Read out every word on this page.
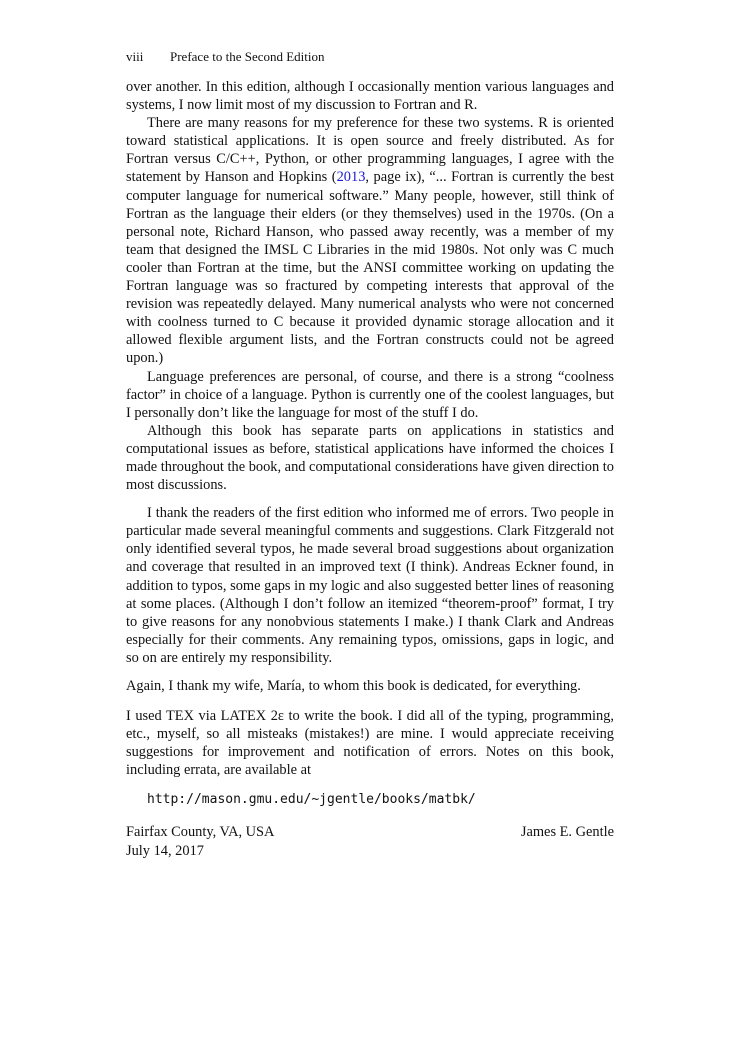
viii Preface to the Second Edition

over another. In this edition, although I occasionally mention various languages and systems, I now limit most of my discussion to Fortran and R.

There are many reasons for my preference for these two systems. R is oriented toward statistical applications. It is open source and freely distributed. As for Fortran versus C/C++, Python, or other programming languages, I agree with the statement by Hanson and Hopkins (2013, page ix), “... Fortran is currently the best computer language for numerical software.” Many people, however, still think of Fortran as the language their elders (or they themselves) used in the 1970s. (On a personal note, Richard Hanson, who passed away recently, was a member of my team that designed the IMSL C Libraries in the mid 1980s. Not only was C much cooler than Fortran at the time, but the ANSI committee working on updating the Fortran language was so fractured by competing interests that approval of the revision was repeatedly delayed. Many numerical analysts who were not concerned with coolness turned to C because it provided dynamic storage allocation and it allowed flexible argument lists, and the Fortran constructs could not be agreed upon.)

Language preferences are personal, of course, and there is a strong “coolness factor” in choice of a language. Python is currently one of the coolest languages, but I personally don’t like the language for most of the stuff I do.

Although this book has separate parts on applications in statistics and computational issues as before, statistical applications have informed the choices I made throughout the book, and computational considerations have given direction to most discussions.

I thank the readers of the first edition who informed me of errors. Two people in particular made several meaningful comments and suggestions. Clark Fitzgerald not only identified several typos, he made several broad suggestions about organization and coverage that resulted in an improved text (I think). Andreas Eckner found, in addition to typos, some gaps in my logic and also suggested better lines of reasoning at some places. (Although I don’t follow an itemized “theorem-proof” format, I try to give reasons for any nonobvious statements I make.) I thank Clark and Andreas especially for their comments. Any remaining typos, omissions, gaps in logic, and so on are entirely my responsibility.

Again, I thank my wife, María, to whom this book is dedicated, for everything.

I used TEX via LATEX 2ε to write the book. I did all of the typing, programming, etc., myself, so all misteaks (mistakes!) are mine. I would appreciate receiving suggestions for improvement and notification of errors. Notes on this book, including errata, are available at

http://mason.gmu.edu/~jgentle/books/matbk/
Fairfax County, VA, USA	James E. Gentle
July 14, 2017
